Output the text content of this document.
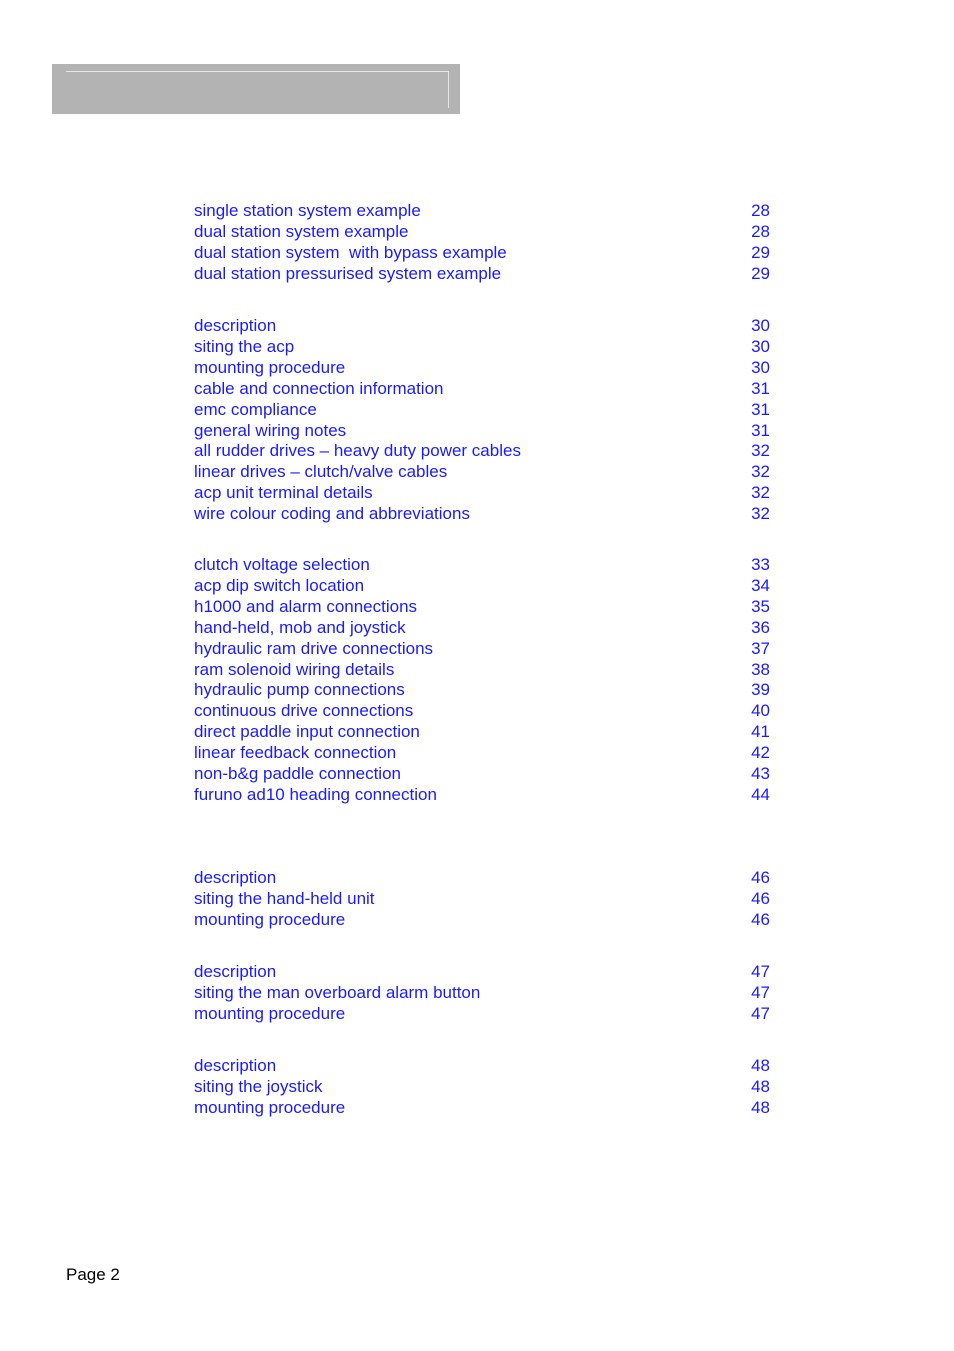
single station system example	28
dual station system example	28
dual station system  with bypass example	29
dual station pressurised system example	29
description	30
siting the acp	30
mounting procedure	30
cable and connection information	31
emc compliance	31
general wiring notes	31
all rudder drives – heavy duty power cables	32
linear drives – clutch/valve cables	32
acp unit terminal details	32
wire colour coding and abbreviations	32
clutch voltage selection	33
acp dip switch location	34
h1000 and alarm connections	35
hand-held, mob and joystick	36
hydraulic ram drive connections	37
ram solenoid wiring details	38
hydraulic pump connections	39
continuous drive connections	40
direct paddle input connection	41
linear feedback connection	42
non-b&g paddle connection	43
furuno ad10 heading connection	44
description	46
siting the hand-held unit	46
mounting procedure	46
description	47
siting the man overboard alarm button	47
mounting procedure	47
description	48
siting the joystick	48
mounting procedure	48
Page 2
